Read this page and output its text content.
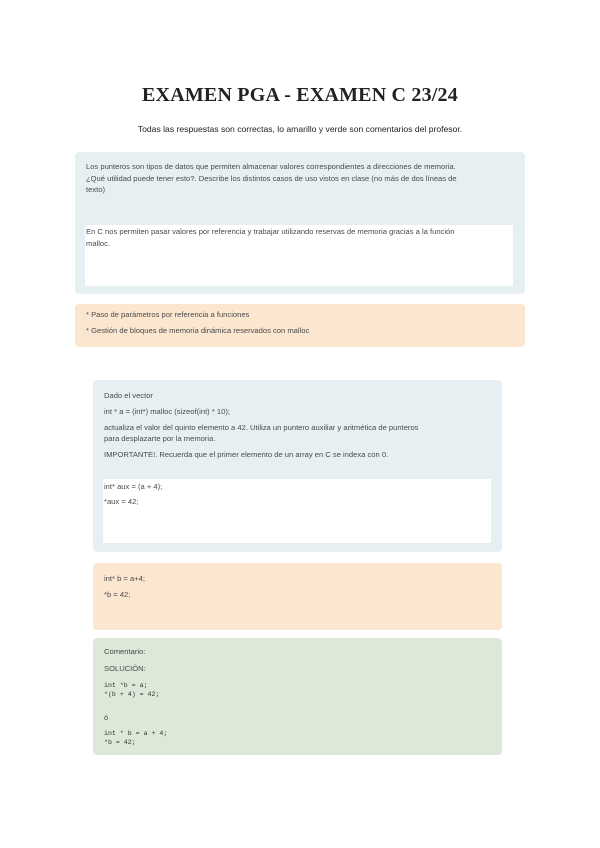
EXAMEN PGA - EXAMEN C 23/24
Todas las respuestas son correctas, lo amarillo y verde son comentarios del profesor.

Los punteros son tipos de datos que permiten almacenar valores correspondientes a direcciones de memoria.

¿Qué utilidad puede tener esto?. Describe los distintos casos de uso vistos en clase (no más de dos líneas de

texto)

En C nos permiten pasar valores por referencia y trabajar utilizando reservas de memoria gracias a la función

malloc.

* Paso de parámetros por referencia a funciones

* Gestión de bloques de memoria dinámica reservados con malloc

Dado el vector

int * a = (int*) malloc (sizeof(int) * 10);

actualiza el valor del quinto elemento a 42. Utiliza un puntero auxiliar y aritmética de punteros

para desplazarte por la memoria.

IMPORTANTE!. Recuerda que el primer elemento de un array en C se indexa con 0.

int* aux = (a + 4);

*aux = 42;

int* b = a+4;

*b = 42;

Comentario:
SOLUCIÓN:

int *b = a;

*(b + 4) = 42;

ó

int * b = a + 4;

*b = 42;
